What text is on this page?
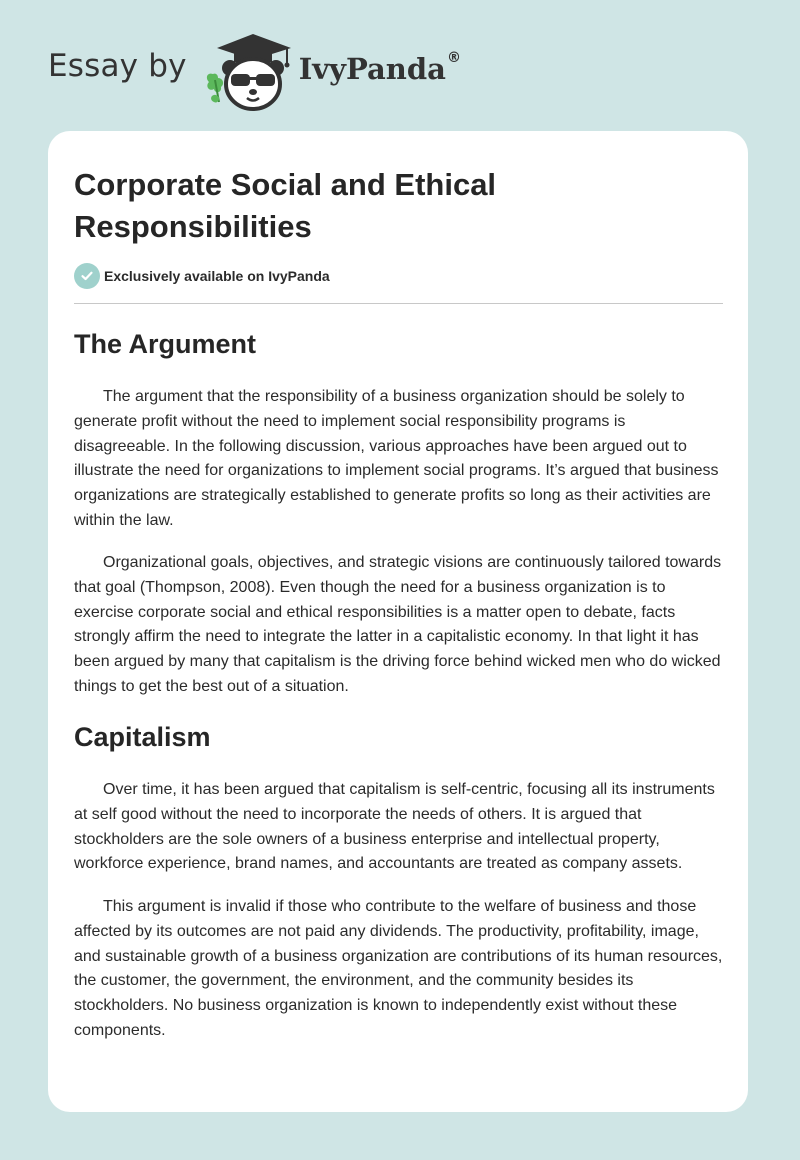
Essay by	IvyPanda ®
Corporate Social and Ethical Responsibilities
Exclusively available on IvyPanda
The Argument

The argument that the responsibility of a business organization should be solely to generate profit without the need to implement social responsibility programs is disagreeable. In the following discussion, various approaches have been argued out to illustrate the need for organizations to implement social programs. It’s argued that business organizations are strategically established to generate profits so long as their activities are within the law.

Organizational goals, objectives, and strategic visions are continuously tailored towards that goal (Thompson, 2008). Even though the need for a business organization is to exercise corporate social and ethical responsibilities is a matter open to debate, facts strongly affirm the need to integrate the latter in a capitalistic economy. In that light it has been argued by many that capitalism is the driving force behind wicked men who do wicked things to get the best out of a situation.

Capitalism

Over time, it has been argued that capitalism is self-centric, focusing all its instruments at self good without the need to incorporate the needs of others. It is argued that stockholders are the sole owners of a business enterprise and intellectual property, workforce experience, brand names, and accountants are treated as company assets.

This argument is invalid if those who contribute to the welfare of business and those affected by its outcomes are not paid any dividends. The productivity, profitability, image, and sustainable growth of a business organization are contributions of its human resources, the customer, the government, the environment, and the community besides its stockholders. No business organization is known to independently exist without these components.
